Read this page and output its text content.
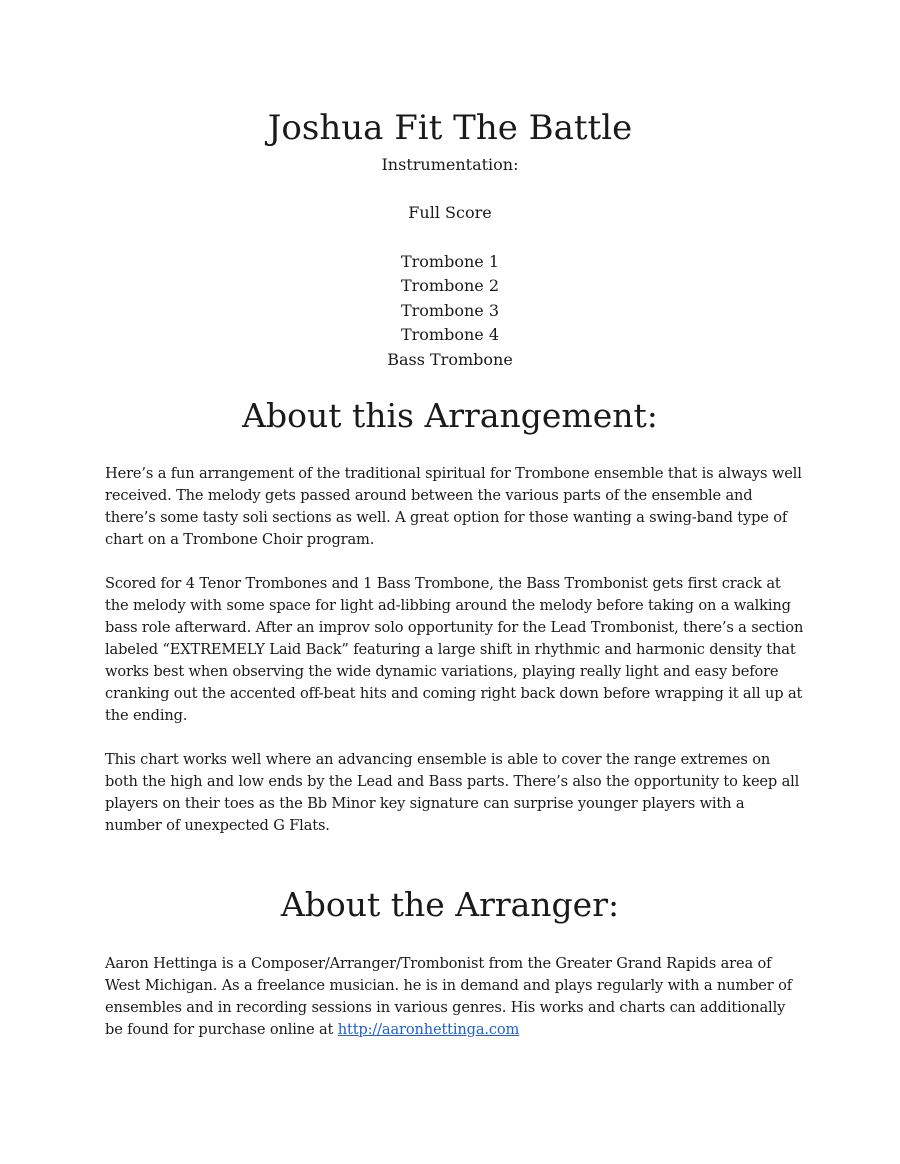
Joshua Fit The Battle

Instrumentation:

Full Score

Trombone 1
Trombone 2
Trombone 3
Trombone 4
Bass Trombone
About this Arrangement:

Here’s a fun arrangement of the traditional spiritual for Trombone ensemble that is always well received. The melody gets passed around between the various parts of the ensemble and there’s some tasty soli sections as well. A great option for those wanting a swing-band type of chart on a Trombone Choir program.

Scored for 4 Tenor Trombones and 1 Bass Trombone, the Bass Trombonist gets first crack at the melody with some space for light ad-libbing around the melody before taking on a walking bass role afterward. After an improv solo opportunity for the Lead Trombonist, there’s a section labeled “EXTREMELY Laid Back” featuring a large shift in rhythmic and harmonic density that works best when observing the wide dynamic variations, playing really light and easy before cranking out the accented off-beat hits and coming right back down before wrapping it all up at the ending.

This chart works well where an advancing ensemble is able to cover the range extremes on both the high and low ends by the Lead and Bass parts. There’s also the opportunity to keep all players on their toes as the Bb Minor key signature can surprise younger players with a number of unexpected G Flats.

About the Arranger:

Aaron Hettinga is a Composer/Arranger/Trombonist from the Greater Grand Rapids area of West Michigan. As a freelance musician. he is in demand and plays regularly with a number of ensembles and in recording sessions in various genres. His works and charts can additionally be found for purchase online at http://aaronhettinga.com
